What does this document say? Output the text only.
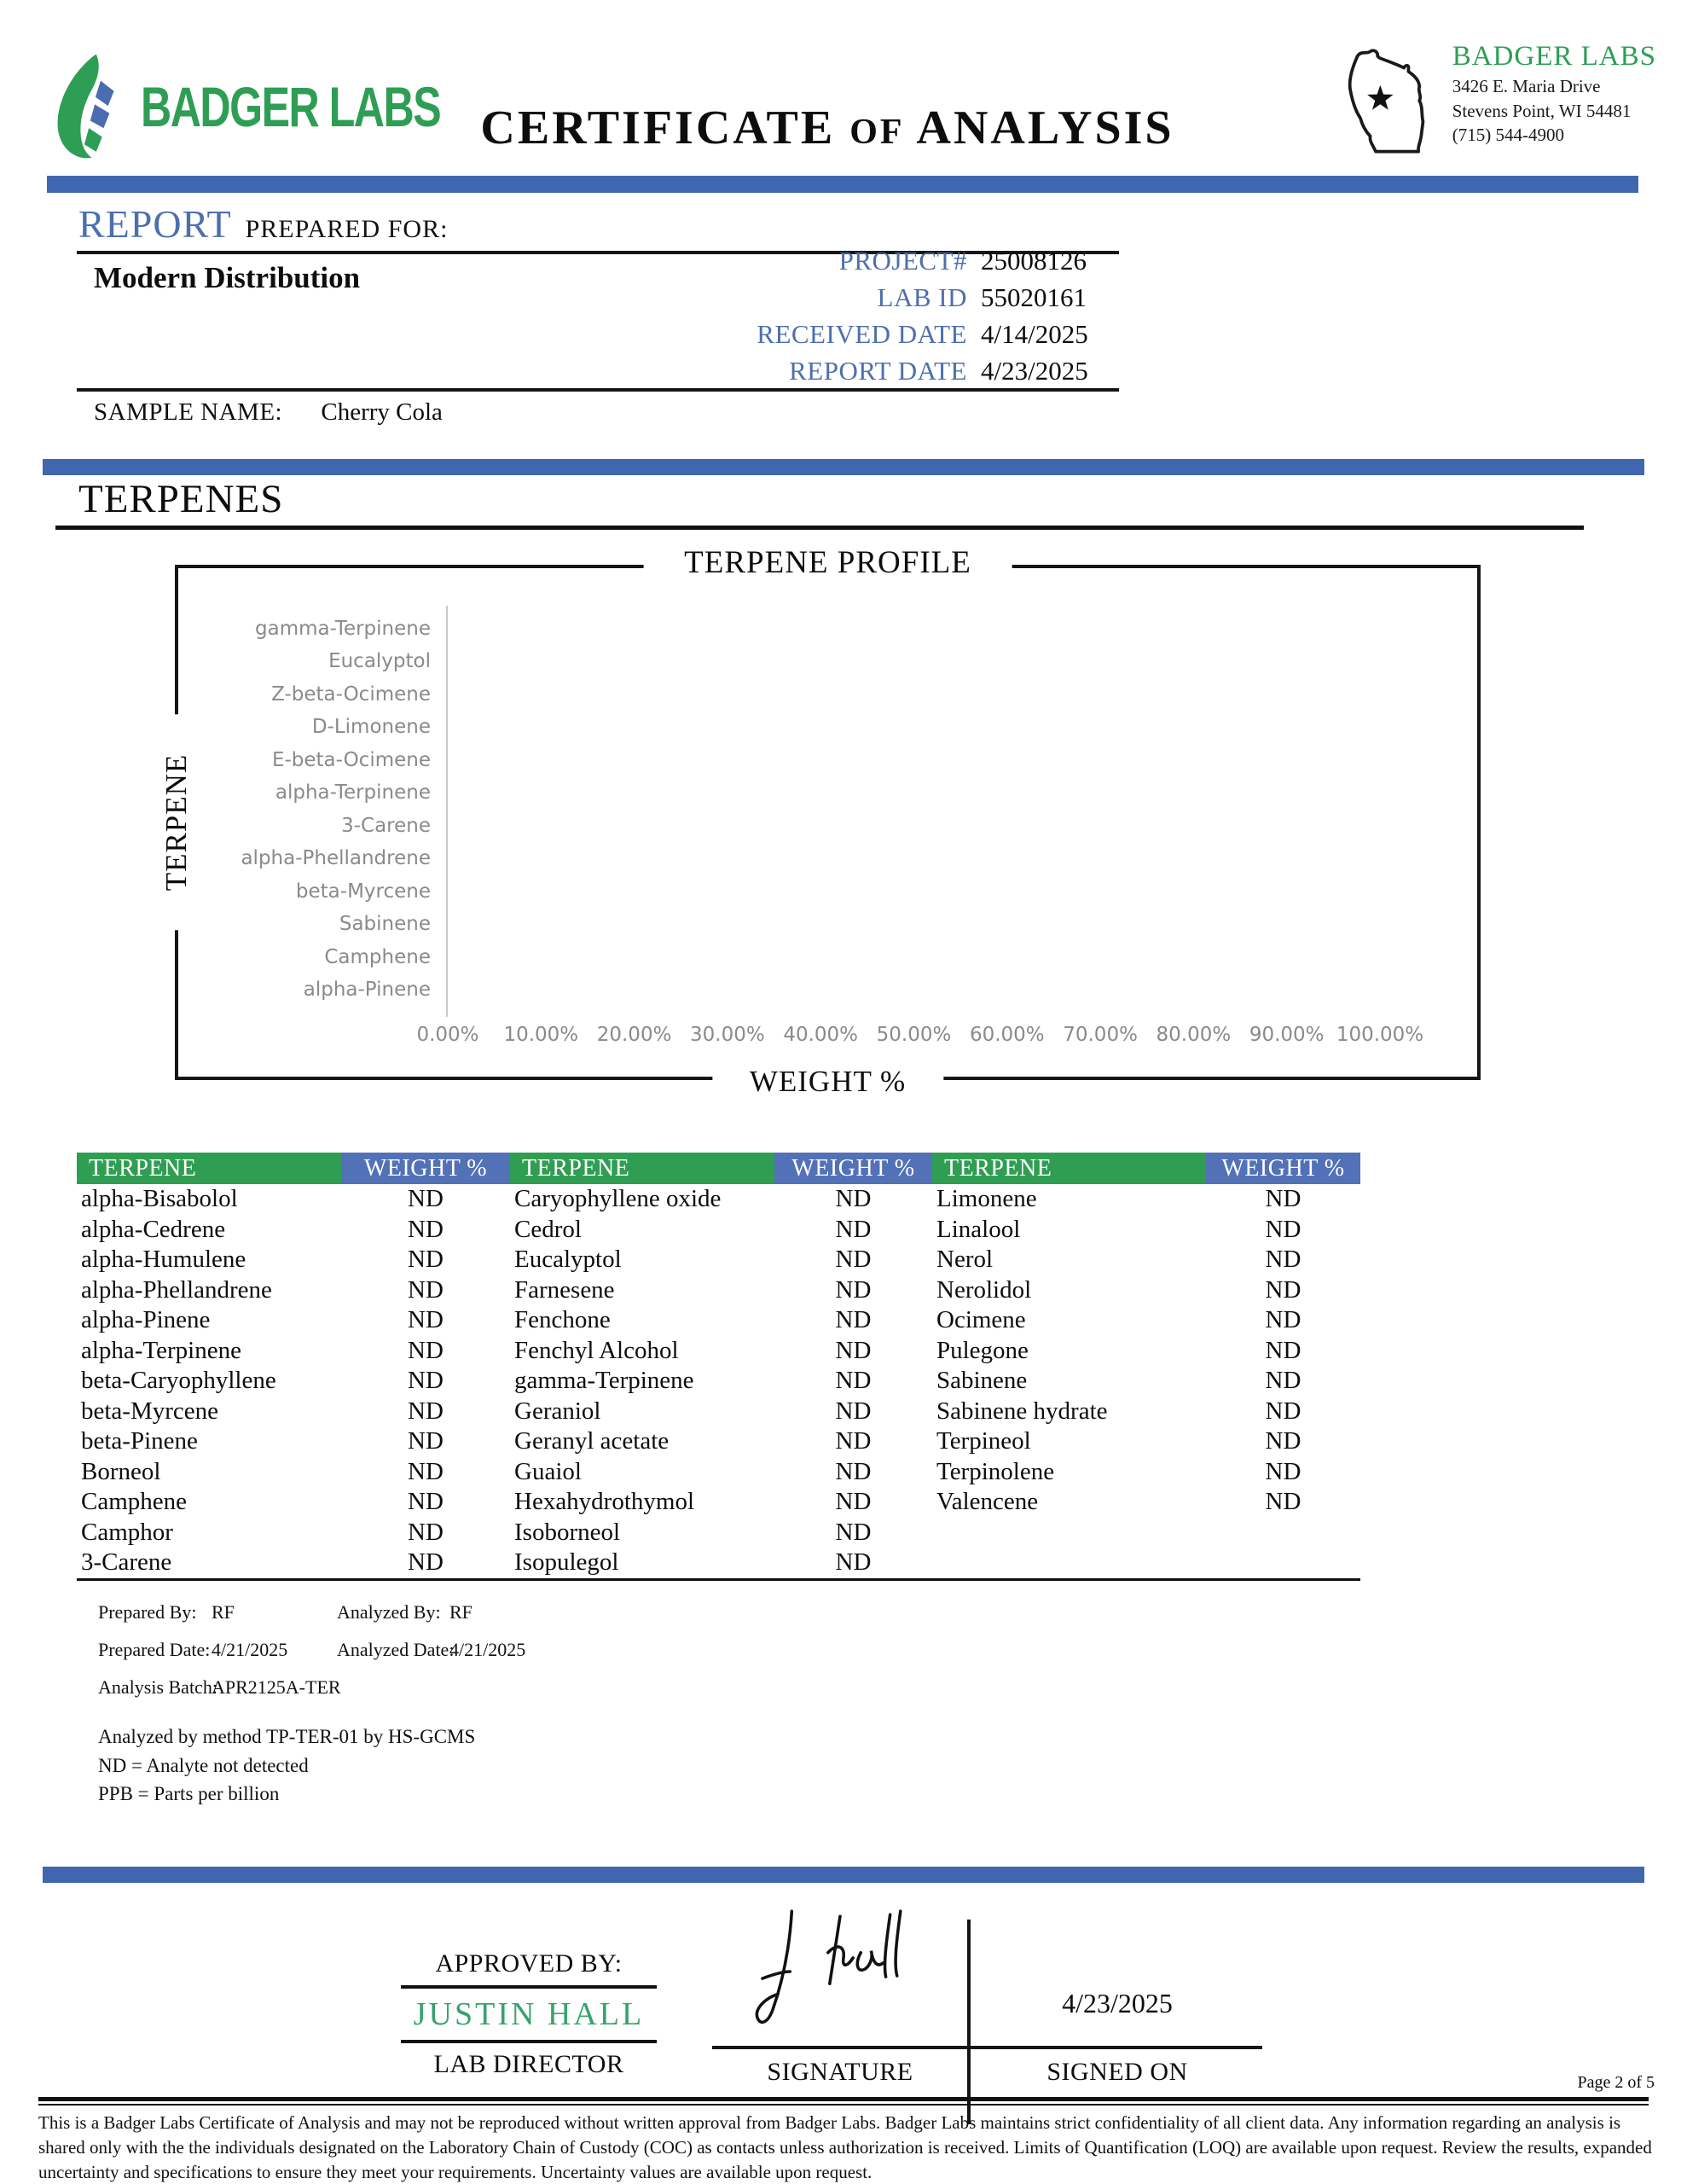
BADGER LABS CERTIFICATE OF ANALYSIS
BADGER LABS
3426 E. Maria Drive
Stevens Point, WI 54481
(715) 544-4900
REPORT PREPARED FOR:
Modern Distribution
PROJECT# 25008126
LAB ID 55020161
RECEIVED DATE 4/14/2025
REPORT DATE 4/23/2025
SAMPLE NAME: Cherry Cola
TERPENES
TERPENE PROFILE
TERPENE
gamma-Terpinene
Eucalyptol
Z-beta-Ocimene
D-Limonene
E-beta-Ocimene
alpha-Terpinene
3-Carene
alpha-Phellandrene
beta-Myrcene
Sabinene
Camphene
alpha-Pinene
0.00%	10.00% 20.00% 30.00% 40.00% 50.00% 60.00% 70.00% 80.00% 90.00% 100.00%
WEIGHT %
TERPENE	WEIGHT %	TERPENE	WEIGHT %	TERPENE	WEIGHT %
alpha-Bisabolol	ND	Caryophyllene oxide	ND	Limonene	ND
alpha-Cedrene	ND	Cedrol	ND	Linalool	ND
alpha-Humulene	ND	Eucalyptol	ND	Nerol	ND
alpha-Phellandrene	ND	Farnesene	ND	Nerolidol	ND
alpha-Pinene	ND	Fenchone	ND	Ocimene	ND
alpha-Terpinene	ND	Fenchyl Alcohol	ND	Pulegone	ND
beta-Caryophyllene	ND	gamma-Terpinene	ND	Sabinene	ND
beta-Myrcene	ND	Geraniol	ND	Sabinene hydrate	ND
beta-Pinene	ND	Geranyl acetate	ND	Terpineol	ND
Borneol	ND	Guaiol	ND	Terpinolene	ND
Camphene	ND	Hexahydrothymol	ND	Valencene	ND
Camphor	ND	Isoborneol	ND
3-Carene	ND	Isopulegol	ND
Prepared By: RF	Analyzed By: RF
Prepared Date: 4/21/2025	Analyzed Date:
4/21/2025
Analysis Batch:
APR2125A-TER
Analyzed by method TP-TER-01 by HS-GCMS
ND = Analyte not detected
PPB = Parts per billion
APPROVED BY:
JUSTIN HALL
LAB DIRECTOR
4/23/2025
SIGNATURE	SIGNED ON	Page 2 of 5
This is a Badger Labs Certificate of Analysis and may not be reproduced without written approval from Badger Labs. Badger Labs maintains strict confidentiality of all client data. Any information regarding an analysis is shared only with the the individuals designated on the Laboratory Chain of Custody (COC) as contacts unless authorization is received. Limits of Quantification (LOQ) are available upon request. Review the results, expanded uncertainty and specifications to ensure they meet your requirements. Uncertainty values are available upon request.
